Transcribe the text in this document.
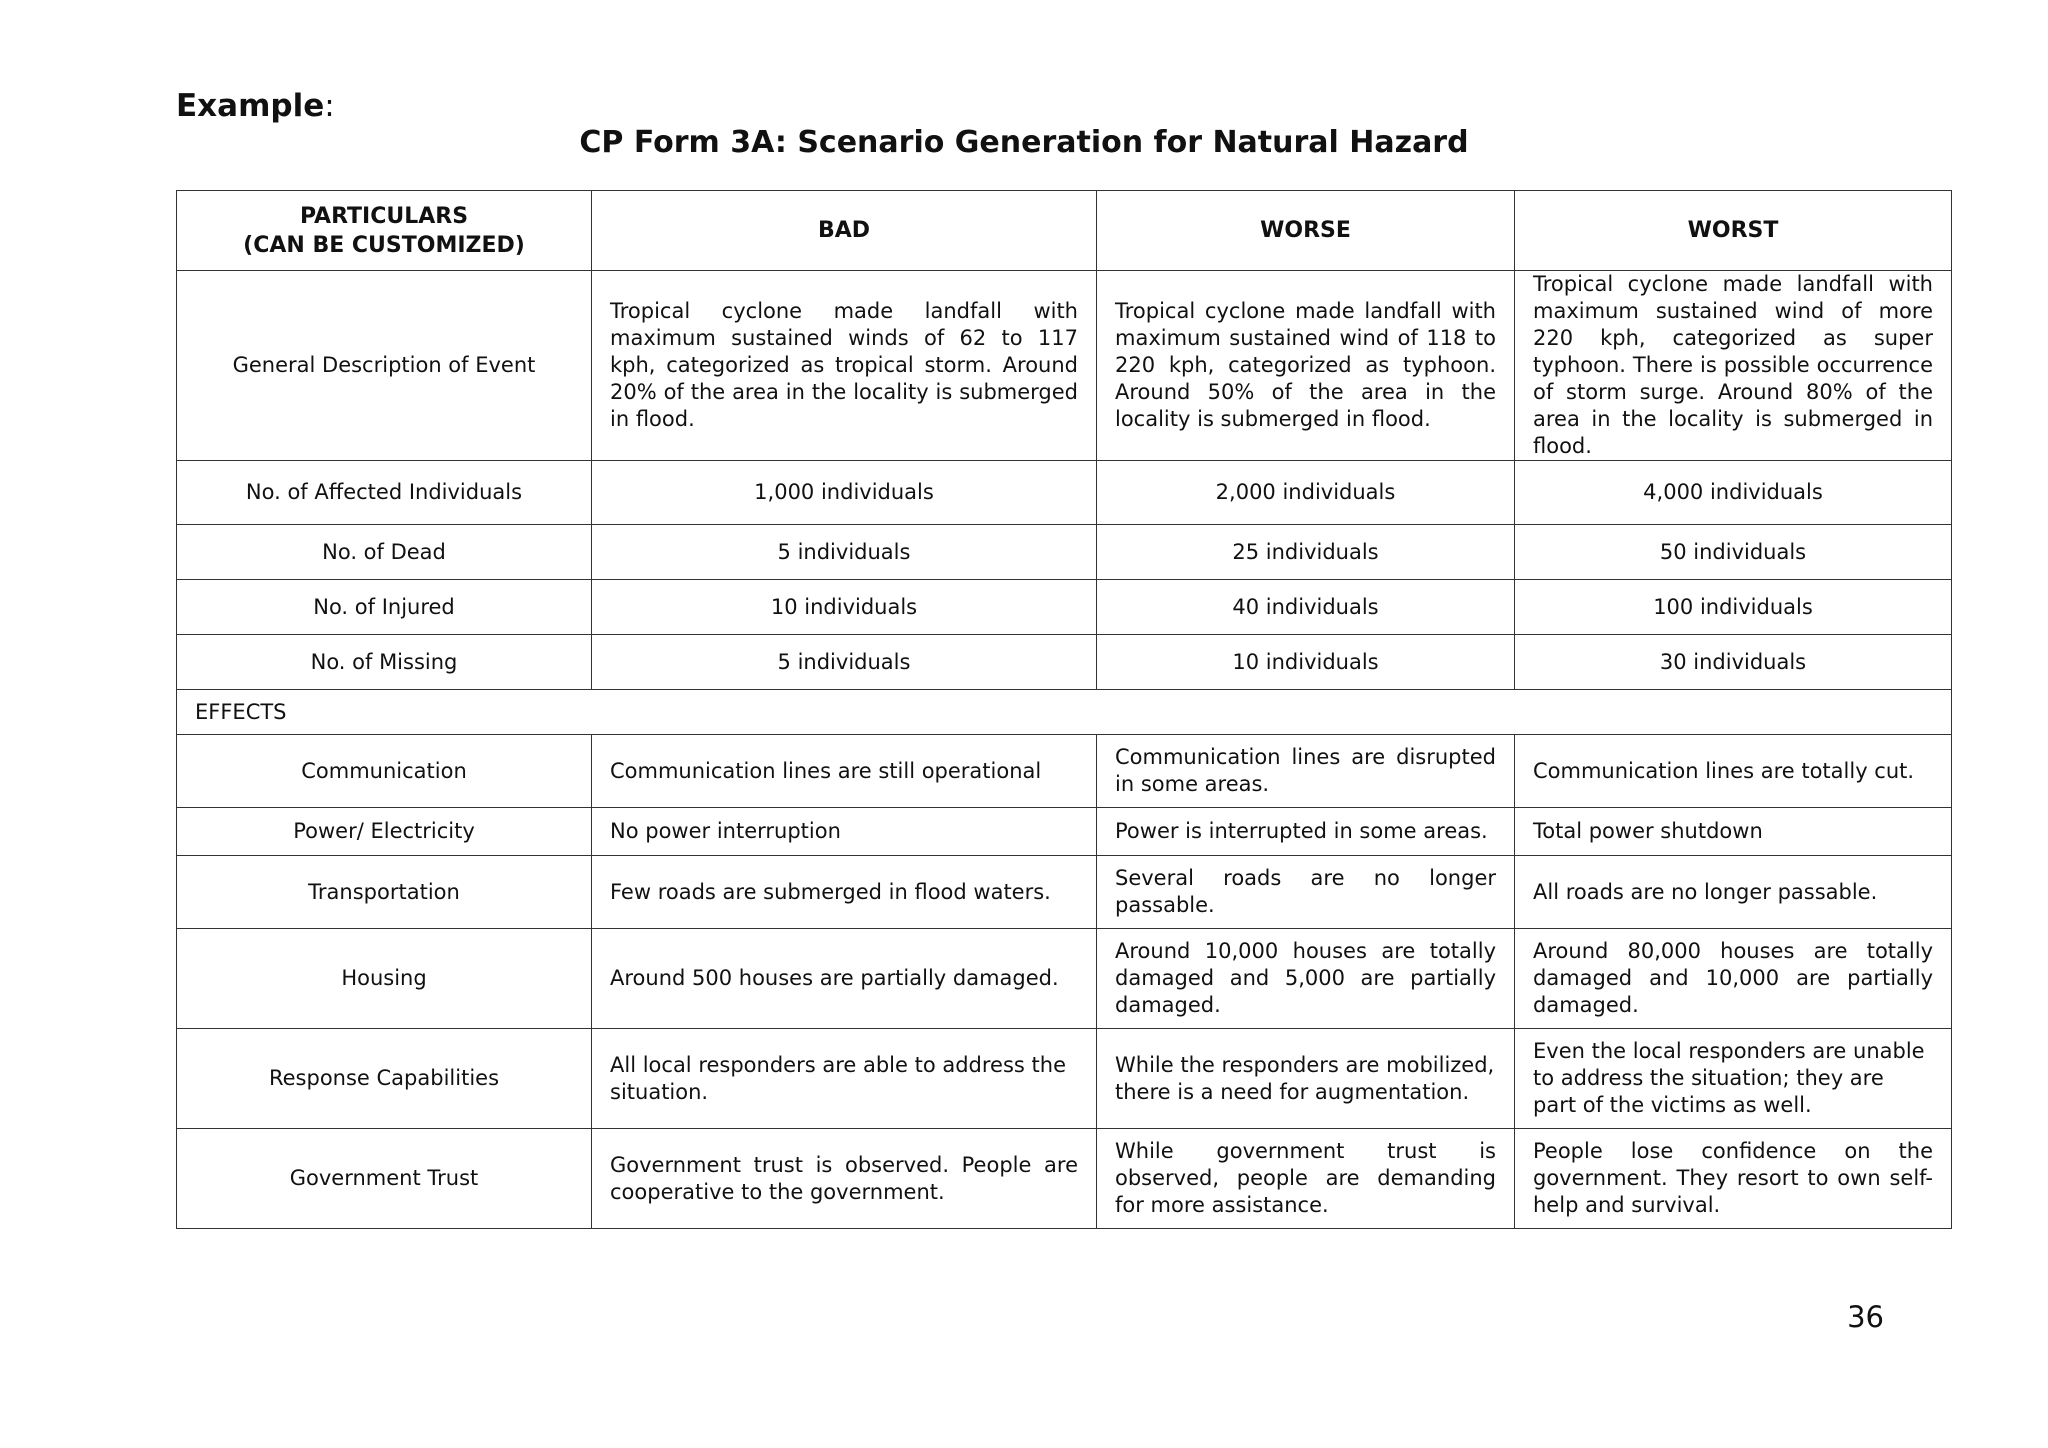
Example:
CP Form 3A: Scenario Generation for Natural Hazard
PARTICULARS
(CAN BE CUSTOMIZED)	BAD	WORSE	WORST
General Description of Event	Tropical cyclone made landfall with maximum sustained winds of 62 to 117 kph, categorized as tropical storm. Around 20% of the area in the locality is submerged in flood.	Tropical cyclone made landfall with maximum sustained wind of 118 to 220 kph, categorized as typhoon. Around 50% of the area in the locality is submerged in flood.	Tropical cyclone made landfall with maximum sustained wind of more 220 kph, categorized as super typhoon. There is possible occurrence of storm surge. Around 80% of the area in the locality is submerged in flood.
No. of Affected Individuals	1,000 individuals	2,000 individuals	4,000 individuals
No. of Dead	5 individuals	25 individuals	50 individuals
No. of Injured	10 individuals	40 individuals	100 individuals
No. of Missing	5 individuals	10 individuals	30 individuals
EFFECTS			
Communication	Communication lines are still operational	Communication lines are disrupted in some areas.	Communication lines are totally cut.
Power/ Electricity	No power interruption	Power is interrupted in some areas.	Total power shutdown
Transportation	Few roads are submerged in flood waters.	Several roads are no longer passable.	All roads are no longer passable.
Housing	Around 500 houses are partially damaged.	Around 10,000 houses are totally damaged and 5,000 are partially damaged.	Around 80,000 houses are totally damaged and 10,000 are partially damaged.
Response Capabilities	All local responders are able to address the situation.	While the responders are mobilized, there is a need for augmentation.	Even the local responders are unable to address the situation; they are part of the victims as well.
Government Trust	Government trust is observed. People are cooperative to the government.	While government trust is observed, people are demanding for more assistance.	People lose confidence on the government. They resort to own self-help and survival.
36
